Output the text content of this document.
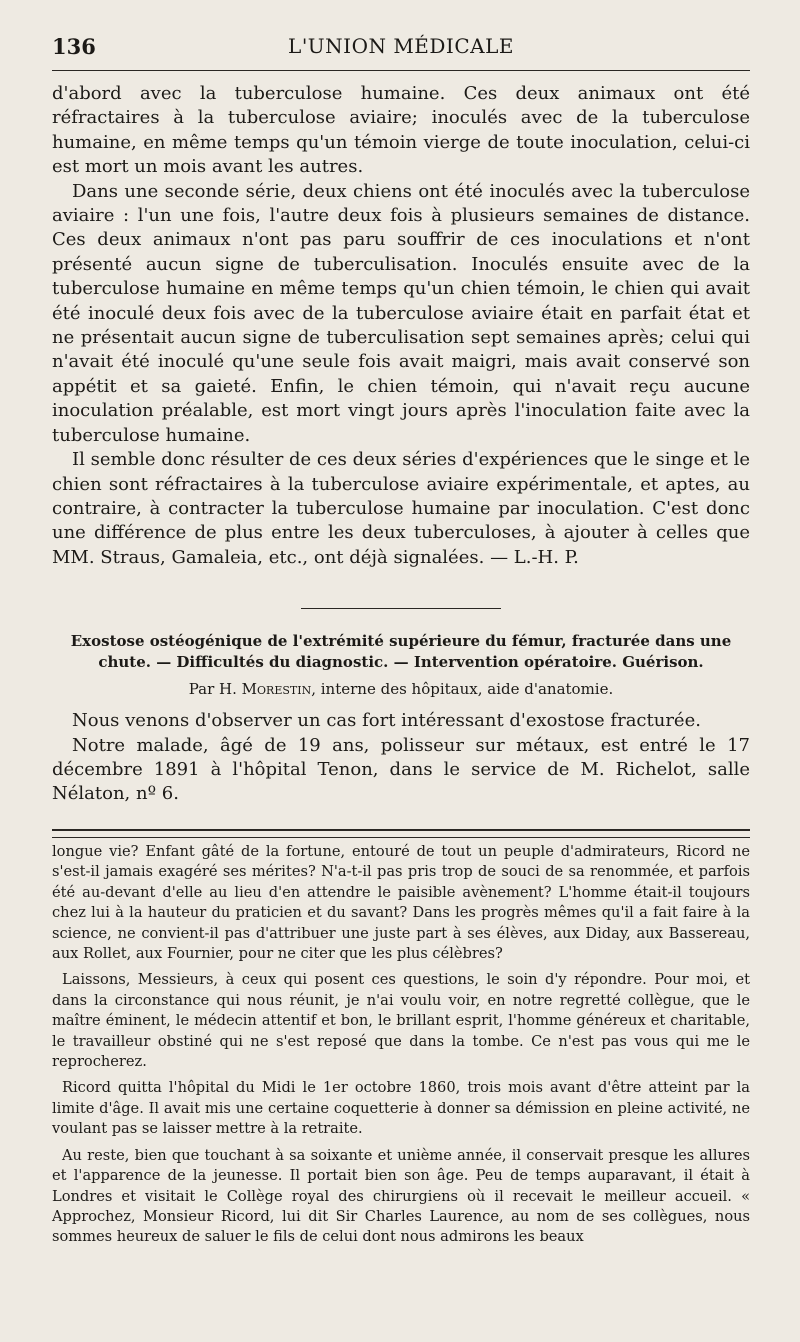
136	L'UNION MÉDICALE

d'abord avec la tuberculose humaine. Ces deux animaux ont été réfractaires à la tuberculose aviaire; inoculés avec de la tuberculose humaine, en même temps qu'un témoin vierge de toute inoculation, celui-ci est mort un mois avant les autres.

Dans une seconde série, deux chiens ont été inoculés avec la tuberculose aviaire : l'un une fois, l'autre deux fois à plusieurs semaines de distance. Ces deux animaux n'ont pas paru souffrir de ces inoculations et n'ont présenté aucun signe de tuberculisation. Inoculés ensuite avec de la tuberculose humaine en même temps qu'un chien témoin, le chien qui avait été inoculé deux fois avec de la tuberculose aviaire était en parfait état et ne présentait aucun signe de tuberculisation sept semaines après; celui qui n'avait été inoculé qu'une seule fois avait maigri, mais avait conservé son appétit et sa gaieté. Enfin, le chien témoin, qui n'avait reçu aucune inoculation préalable, est mort vingt jours après l'inoculation faite avec la tuberculose humaine.

Il semble donc résulter de ces deux séries d'expériences que le singe et le chien sont réfractaires à la tuberculose aviaire expérimentale, et aptes, au contraire, à contracter la tuberculose humaine par inoculation. C'est donc une différence de plus entre les deux tuberculoses, à ajouter à celles que MM. Straus, Gamaleia, etc., ont déjà signalées. — L.-H. P.

Exostose ostéogénique de l'extrémité supérieure du fémur, fracturée dans une chute. — Difficultés du diagnostic. — Intervention opératoire. Guérison.
Par H. Morestin, interne des hôpitaux, aide d'anatomie.

Nous venons d'observer un cas fort intéressant d'exostose fracturée.

Notre malade, âgé de 19 ans, polisseur sur métaux, est entré le 17 décembre 1891 à l'hôpital Tenon, dans le service de M. Richelot, salle Nélaton, nº 6.

longue vie? Enfant gâté de la fortune, entouré de tout un peuple d'admirateurs, Ricord ne s'est-il jamais exagéré ses mérites? N'a-t-il pas pris trop de souci de sa renommée, et parfois été au-devant d'elle au lieu d'en attendre le paisible avènement? L'homme était-il toujours chez lui à la hauteur du praticien et du savant? Dans les progrès mêmes qu'il a fait faire à la science, ne convient-il pas d'attribuer une juste part à ses élèves, aux Diday, aux Bassereau, aux Rollet, aux Fournier, pour ne citer que les plus célèbres?

Laissons, Messieurs, à ceux qui posent ces questions, le soin d'y répondre. Pour moi, et dans la circonstance qui nous réunit, je n'ai voulu voir, en notre regretté collègue, que le maître éminent, le médecin attentif et bon, le brillant esprit, l'homme généreux et charitable, le travailleur obstiné qui ne s'est reposé que dans la tombe. Ce n'est pas vous qui me le reprocherez.

Ricord quitta l'hôpital du Midi le 1er octobre 1860, trois mois avant d'être atteint par la limite d'âge. Il avait mis une certaine coquetterie à donner sa démission en pleine activité, ne voulant pas se laisser mettre à la retraite.

Au reste, bien que touchant à sa soixante et unième année, il conservait presque les allures et l'apparence de la jeunesse. Il portait bien son âge. Peu de temps auparavant, il était à Londres et visitait le Collège royal des chirurgiens où il recevait le meilleur accueil. « Approchez, Monsieur Ricord, lui dit Sir Charles Laurence, au nom de ses collègues, nous sommes heureux de saluer le fils de celui dont nous admirons les beaux
